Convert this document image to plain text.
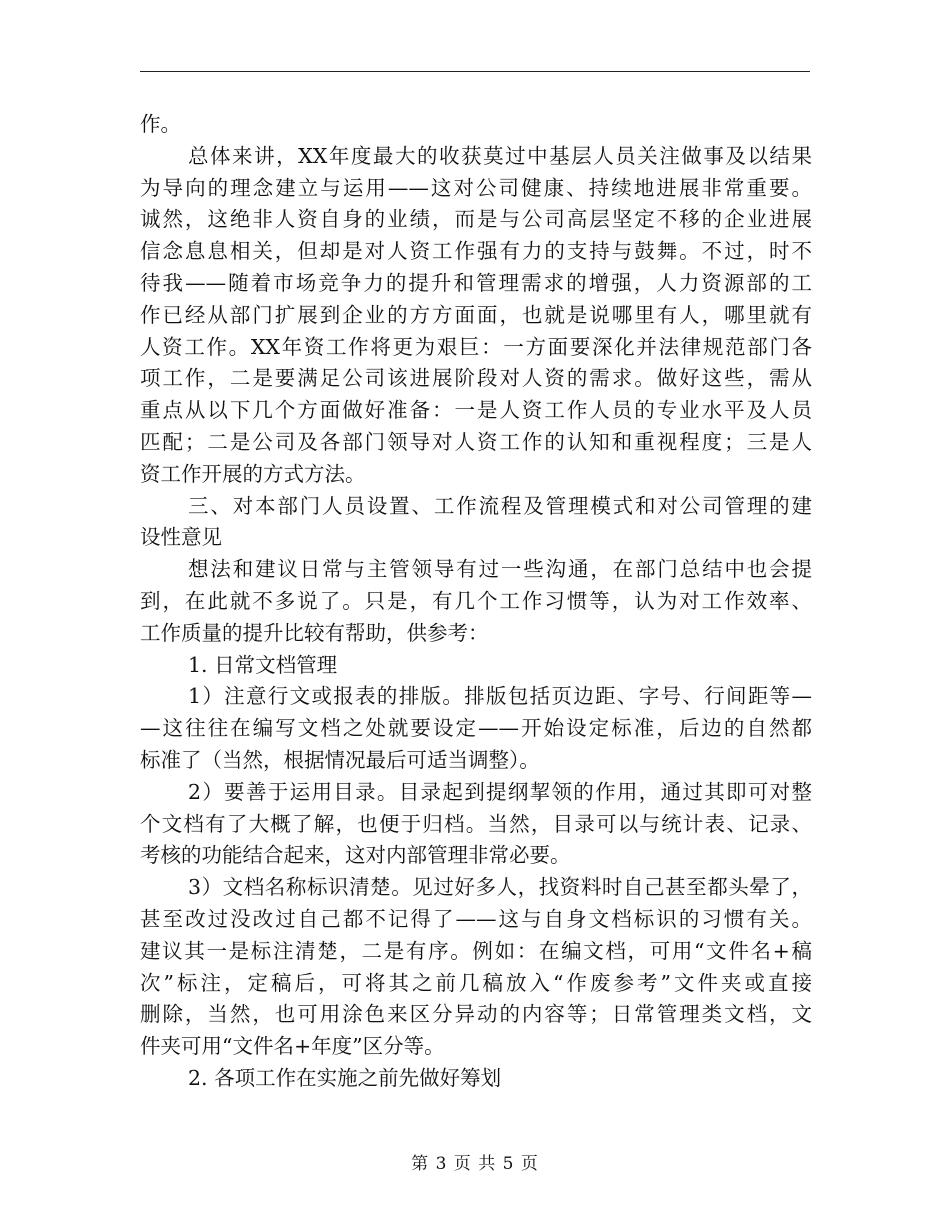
作。
总体来讲，XX年度最大的收获莫过中基层人员关注做事及以结果
为导向的理念建立与运用——这对公司健康、持续地进展非常重要。
诚然，这绝非人资自身的业绩，而是与公司高层坚定不移的企业进展
信念息息相关，但却是对人资工作强有力的支持与鼓舞。不过，时不
待我——随着市场竞争力的提升和管理需求的增强，人力资源部的工
作已经从部门扩展到企业的方方面面，也就是说哪里有人，哪里就有
人资工作。XX年资工作将更为艰巨：一方面要深化并法律规范部门各
项工作，二是要满足公司该进展阶段对人资的需求。做好这些，需从
重点从以下几个方面做好准备：一是人资工作人员的专业水平及人员
匹配；二是公司及各部门领导对人资工作的认知和重视程度；三是人
资工作开展的方式方法。
三、对本部门人员设置、工作流程及管理模式和对公司管理的建
设性意见
想法和建议日常与主管领导有过一些沟通，在部门总结中也会提
到，在此就不多说了。只是，有几个工作习惯等，认为对工作效率、
工作质量的提升比较有帮助，供参考：
1. 日常文档管理
1）注意行文或报表的排版。排版包括页边距、字号、行间距等—
—这往往在编写文档之处就要设定——开始设定标准，后边的自然都
标准了（当然，根据情况最后可适当调整）。
2）要善于运用目录。目录起到提纲挈领的作用，通过其即可对整
个文档有了大概了解，也便于归档。当然，目录可以与统计表、记录、
考核的功能结合起来，这对内部管理非常必要。
3）文档名称标识清楚。见过好多人，找资料时自己甚至都头晕了，
甚至改过没改过自己都不记得了——这与自身文档标识的习惯有关。
建议其一是标注清楚，二是有序。例如：在编文档，可用“文件名+稿
次”标注，定稿后，可将其之前几稿放入“作废参考”文件夹或直接
删除，当然，也可用涂色来区分异动的内容等；日常管理类文档，文
件夹可用“文件名+年度”区分等。
2. 各项工作在实施之前先做好筹划
第 3 页 共 5 页
